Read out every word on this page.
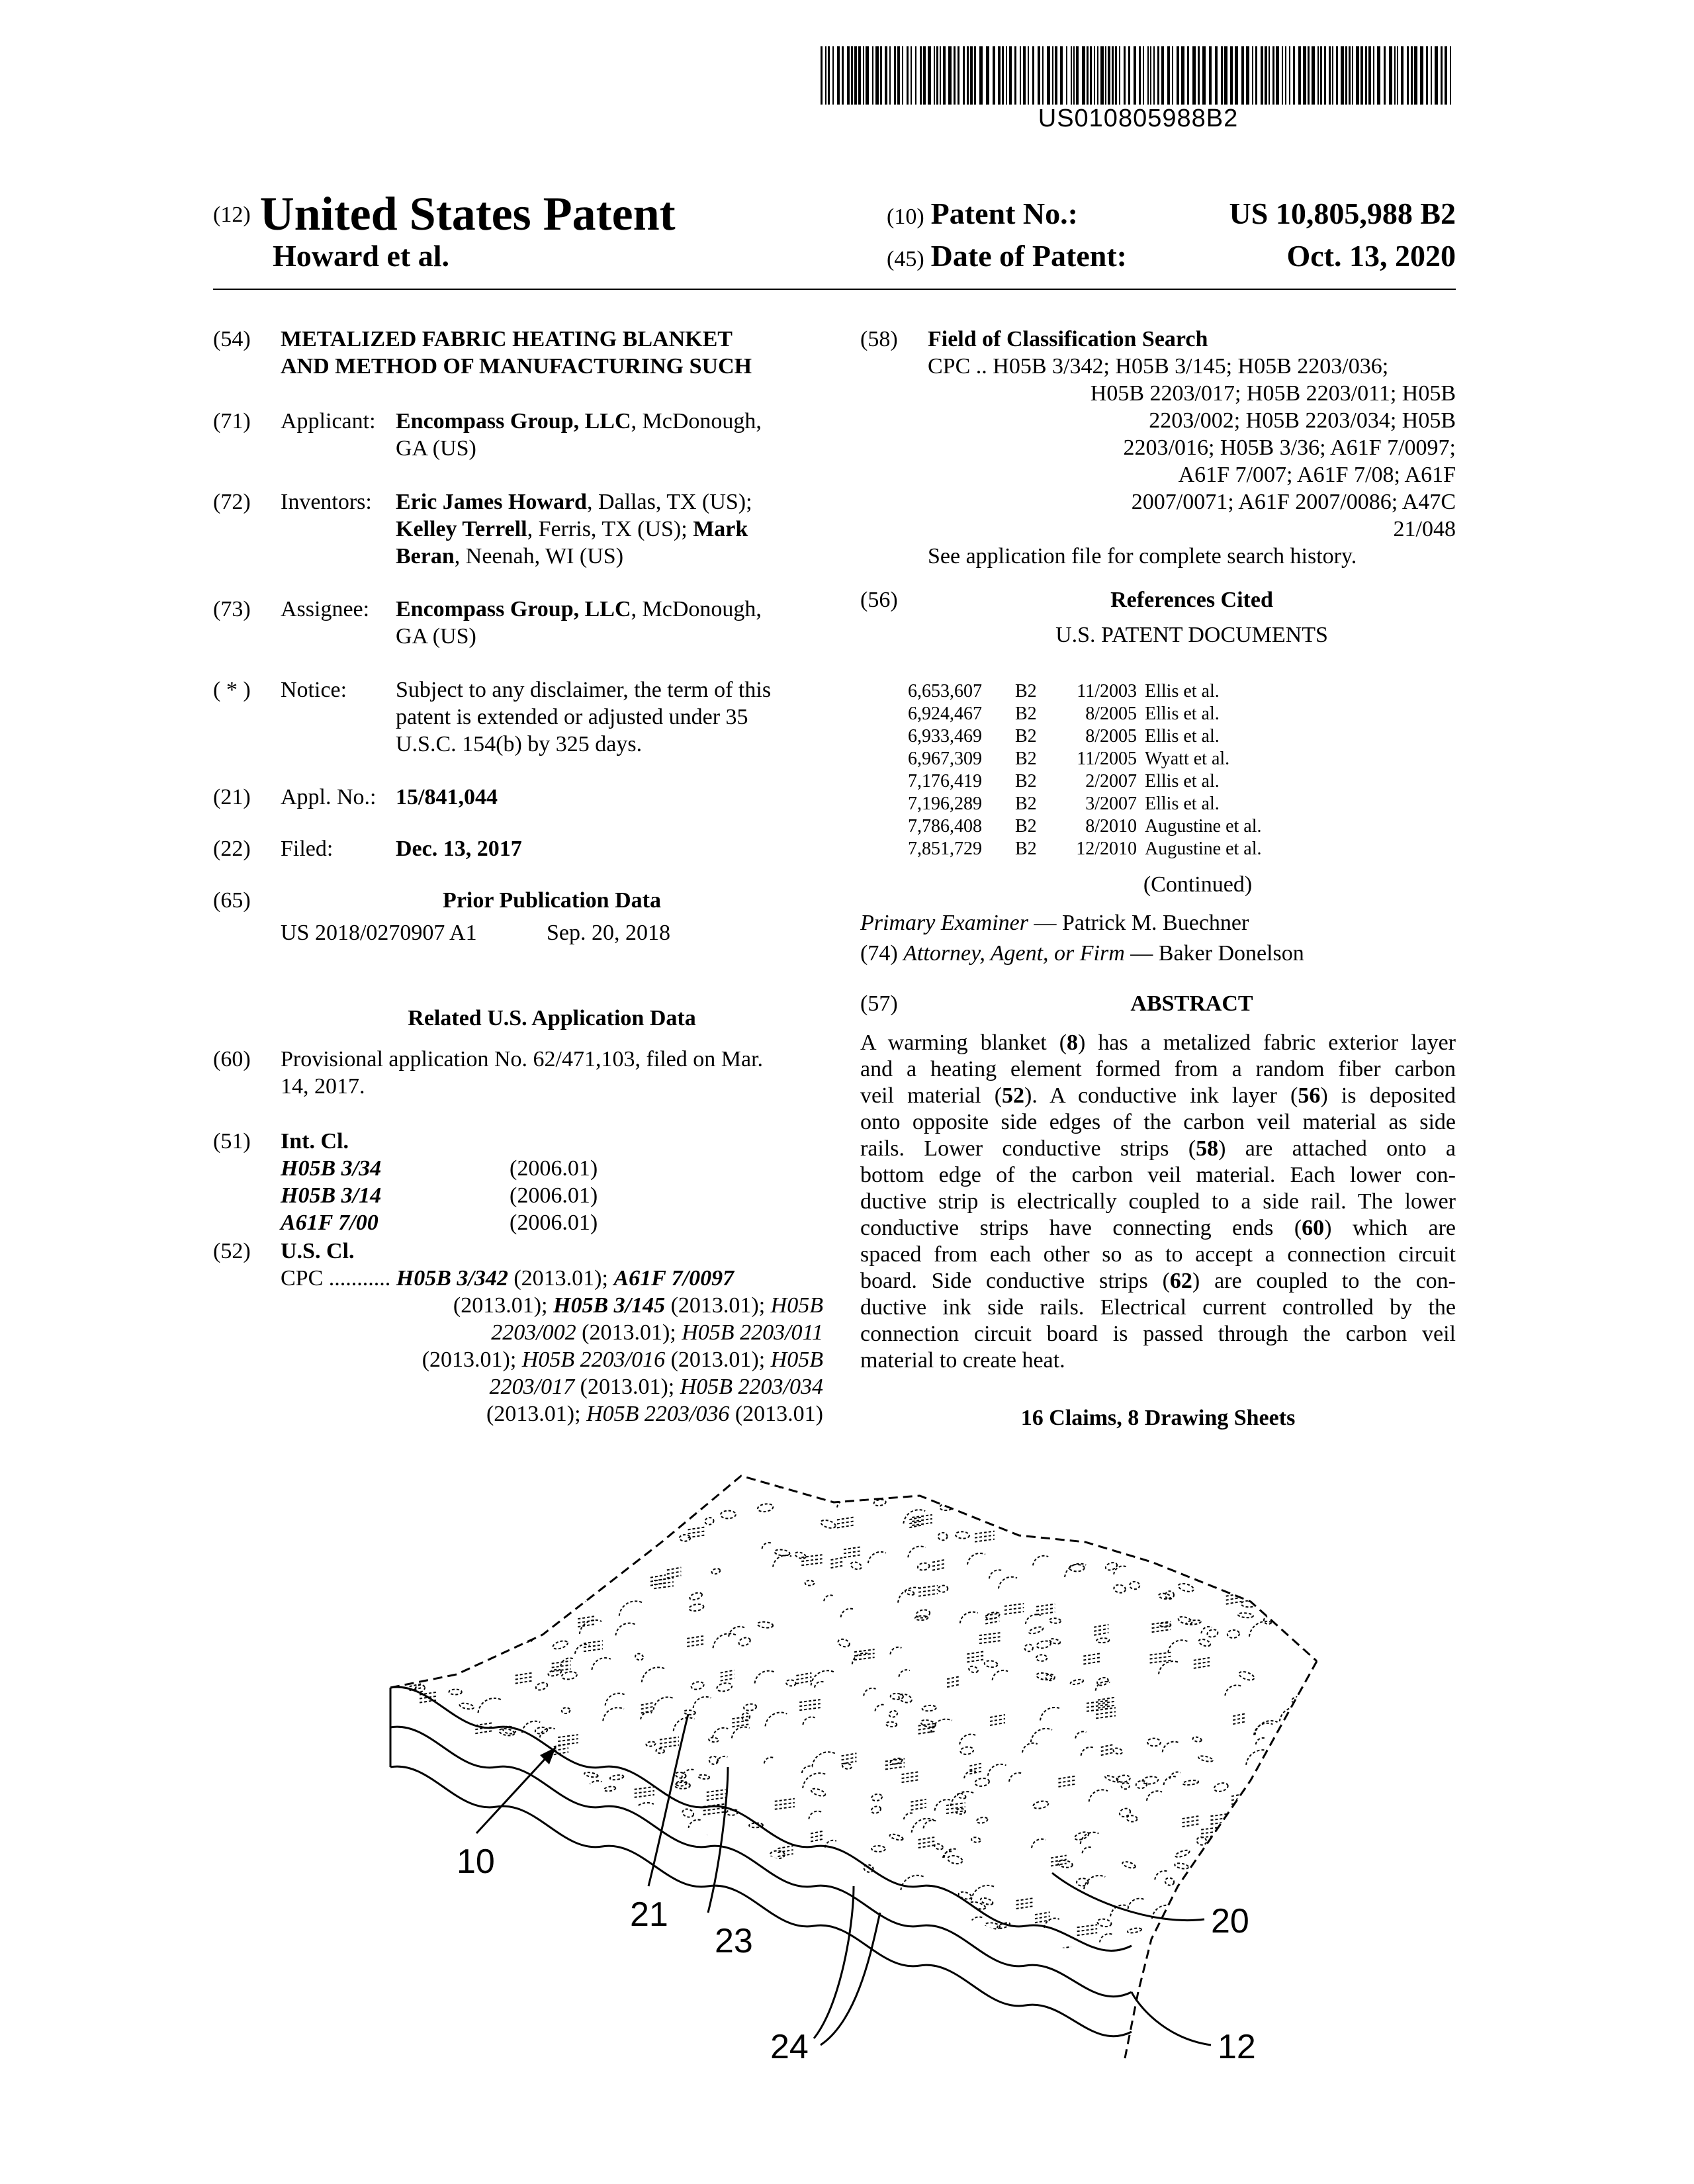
US010805988B2
(12) United States Patent
Howard et al.
(10) Patent No.:	US 10,805,988 B2
(45) Date of Patent:	Oct. 13, 2020
(54) METALIZED FABRIC HEATING BLANKET
AND METHOD OF MANUFACTURING SUCH
(71) Applicant: Encompass Group, LLC, McDonough,
GA (US)
(72) Inventors: Eric James Howard, Dallas, TX (US);
Kelley Terrell, Ferris, TX (US); Mark
Beran, Neenah, WI (US)
(73) Assignee: Encompass Group, LLC, McDonough,
GA (US)
( * ) Notice: Subject to any disclaimer, the term of this
patent is extended or adjusted under 35
U.S.C. 154(b) by 325 days.
(21) Appl. No.: 15/841,044
(22) Filed:	Dec. 13, 2017
(65)	Prior Publication Data
US 2018/0270907 A1	Sep. 20, 2018
Related U.S. Application Data
(60) Provisional application No. 62/471,103, filed on Mar.
14, 2017.
(51) Int. Cl.
H05B 3/34	(2006.01)
H05B 3/14	(2006.01)
A61F 7/00	(2006.01)
(52) U.S. Cl.
CPC ........... H05B 3/342 (2013.01); A61F 7/0097
(2013.01); H05B 3/145 (2013.01); H05B
2203/002 (2013.01); H05B 2203/011
(2013.01); H05B 2203/016 (2013.01); H05B
2203/017 (2013.01); H05B 2203/034
(2013.01); H05B 2203/036 (2013.01)
(58) Field of Classification Search
CPC .. H05B 3/342; H05B 3/145; H05B 2203/036;
H05B 2203/017; H05B 2203/011; H05B
2203/002; H05B 2203/034; H05B
2203/016; H05B 3/36; A61F 7/0097;
A61F 7/007; A61F 7/08; A61F
2007/0071; A61F 2007/0086; A47C
21/048
See application file for complete search history.
(56)	References Cited
U.S. PATENT DOCUMENTS
6,653,607 B2	11/2003 Ellis et al.
6,924,467 B2	8/2005 Ellis et al.
6,933,469 B2	8/2005 Ellis et al.
6,967,309 B2	11/2005 Wyatt et al.
7,176,419 B2	2/2007 Ellis et al.
7,196,289 B2	3/2007 Ellis et al.
7,786,408 B2	8/2010 Augustine et al.
7,851,729 B2	12/2010 Augustine et al.
(Continued)
Primary Examiner — Patrick M. Buechner
(74) Attorney, Agent, or Firm — Baker Donelson
(57)	ABSTRACT
A warming blanket (8) has a metalized fabric exterior layer
and a heating element formed from a random fiber carbon
veil material (52). A conductive ink layer (56) is deposited
onto opposite side edges of the carbon veil material as side
rails. Lower conductive strips (58) are attached onto a
bottom edge of the carbon veil material. Each lower con-
ductive strip is electrically coupled to a side rail. The lower
conductive strips have connecting ends (60) which are
spaced from each other so as to accept a connection circuit
board. Side conductive strips (62) are coupled to the con-
ductive ink side rails. Electrical current controlled by the
connection circuit board is passed through the carbon veil
material to create heat.
16 Claims, 8 Drawing Sheets
10
21
23
24
20
12
